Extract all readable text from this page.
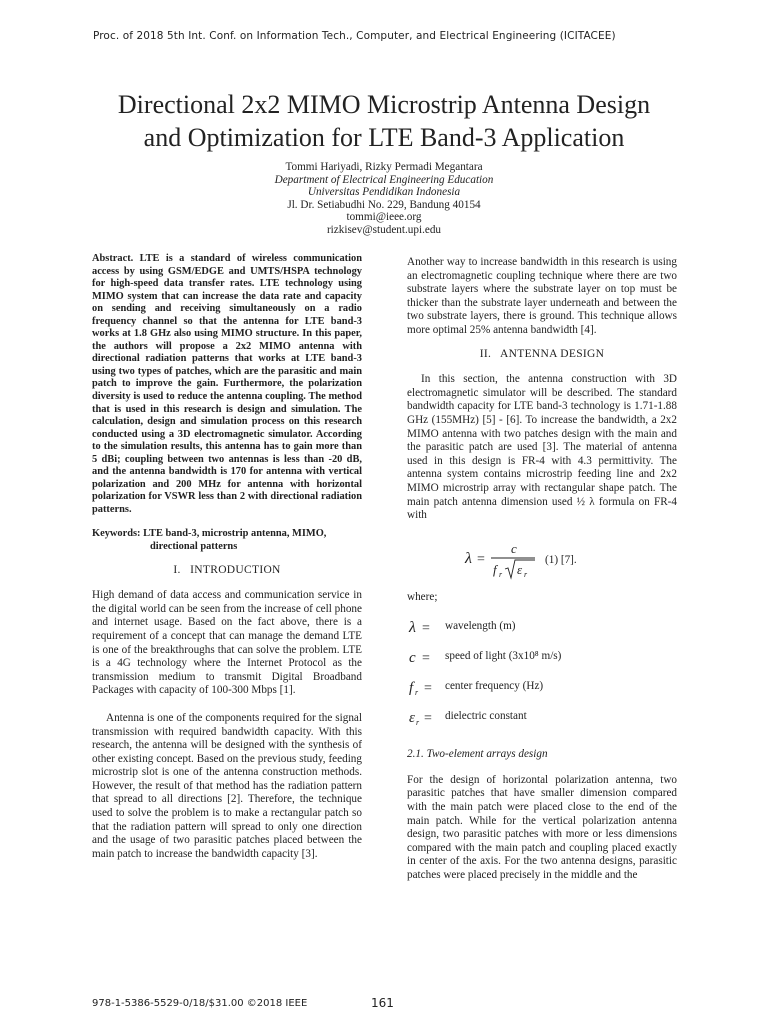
Proc. of 2018 5th Int. Conf. on Information Tech., Computer, and Electrical Engineering (ICITACEE)
Directional 2x2 MIMO Microstrip Antenna Design
and Optimization for LTE Band-3 Application
Tommi Hariyadi, Rizky Permadi Megantara
Department of Electrical Engineering Education
Universitas Pendidikan Indonesia
Jl. Dr. Setiabudhi No. 229, Bandung 40154
tommi@ieee.org
rizkisev@student.upi.edu

Abstract. LTE is a standard of wireless communication access by using GSM/EDGE and UMTS/HSPA technology for high-speed data transfer rates. LTE technology using MIMO system that can increase the data rate and capacity on sending and receiving simultaneously on a radio frequency channel so that the antenna for LTE band-3 works at 1.8 GHz also using MIMO structure. In this paper, the authors will propose a 2x2 MIMO antenna with directional radiation patterns that works at LTE band-3 using two types of patches, which are the parasitic and main patch to improve the gain. Furthermore, the polarization diversity is used to reduce the antenna coupling. The method that is used in this research is design and simulation. The calculation, design and simulation process on this research conducted using a 3D electromagnetic simulator. According to the simulation results, this antenna has to gain more than 5 dBi; coupling between two antennas is less than -20 dB, and the antenna bandwidth is 170 for antenna with vertical polarization and 200 MHz for antenna with horizontal polarization for VSWR less than 2 with directional radiation patterns.

Keywords: LTE band-3, microstrip antenna, MIMO, directional patterns

I.   INTRODUCTION

High demand of data access and communication service in the digital world can be seen from the increase of cell phone and internet usage. Based on the fact above, there is a requirement of a concept that can manage the demand LTE is one of the breakthroughs that can solve the problem. LTE is a 4G technology where the Internet Protocol as the transmission medium to transmit Digital Broadband Packages with capacity of 100-300 Mbps [1].

Antenna is one of the components required for the signal transmission with required bandwidth capacity. With this research, the antenna will be designed with the synthesis of other existing concept. Based on the previous study, feeding microstrip slot is one of the antenna construction methods. However, the result of that method has the radiation pattern that spread to all directions [2]. Therefore, the technique used to solve the problem is to make a rectangular patch so that the radiation pattern will spread to only one direction and the usage of two parasitic patches placed between the main patch to increase the bandwidth capacity [3].

Another way to increase bandwidth in this research is using an electromagnetic coupling technique where there are two substrate layers where the substrate layer on top must be thicker than the substrate layer underneath and between the two substrate layers, there is ground. This technique allows more optimal 25% antenna bandwidth [4].

II.   ANTENNA DESIGN

In this section, the antenna construction with 3D electromagnetic simulator will be described. The standard bandwidth capacity for LTE band-3 technology is 1.71-1.88 GHz (155MHz) [5] - [6]. To increase the bandwidth, a 2x2 MIMO antenna with two patches design with the main and the parasitic patch are used [3]. The material of antenna used in this design is FR-4 with 4.3 permittivity. The antenna system contains microstrip feeding line and 2x2 MIMO microstrip array with rectangular shape patch. The main patch antenna dimension used ½ λ formula on FR-4 with

λ =
c
f r ε r
(1) [7].

where;

λ = wavelength (m)
c = speed of light (3x10⁸ m/s)
f r = center frequency (Hz)
ε r = dielectric constant
2.1. Two-element arrays design

For the design of horizontal polarization antenna, two parasitic patches that have smaller dimension compared with the main patch were placed close to the end of the main patch. While for the vertical polarization antenna design, two parasitic patches with more or less dimensions compared with the main patch and coupling placed exactly in center of the axis. For the two antenna designs, parasitic patches were placed precisely in the middle and the

978-1-5386-5529-0/18/$31.00 ©2018 IEEE	161
